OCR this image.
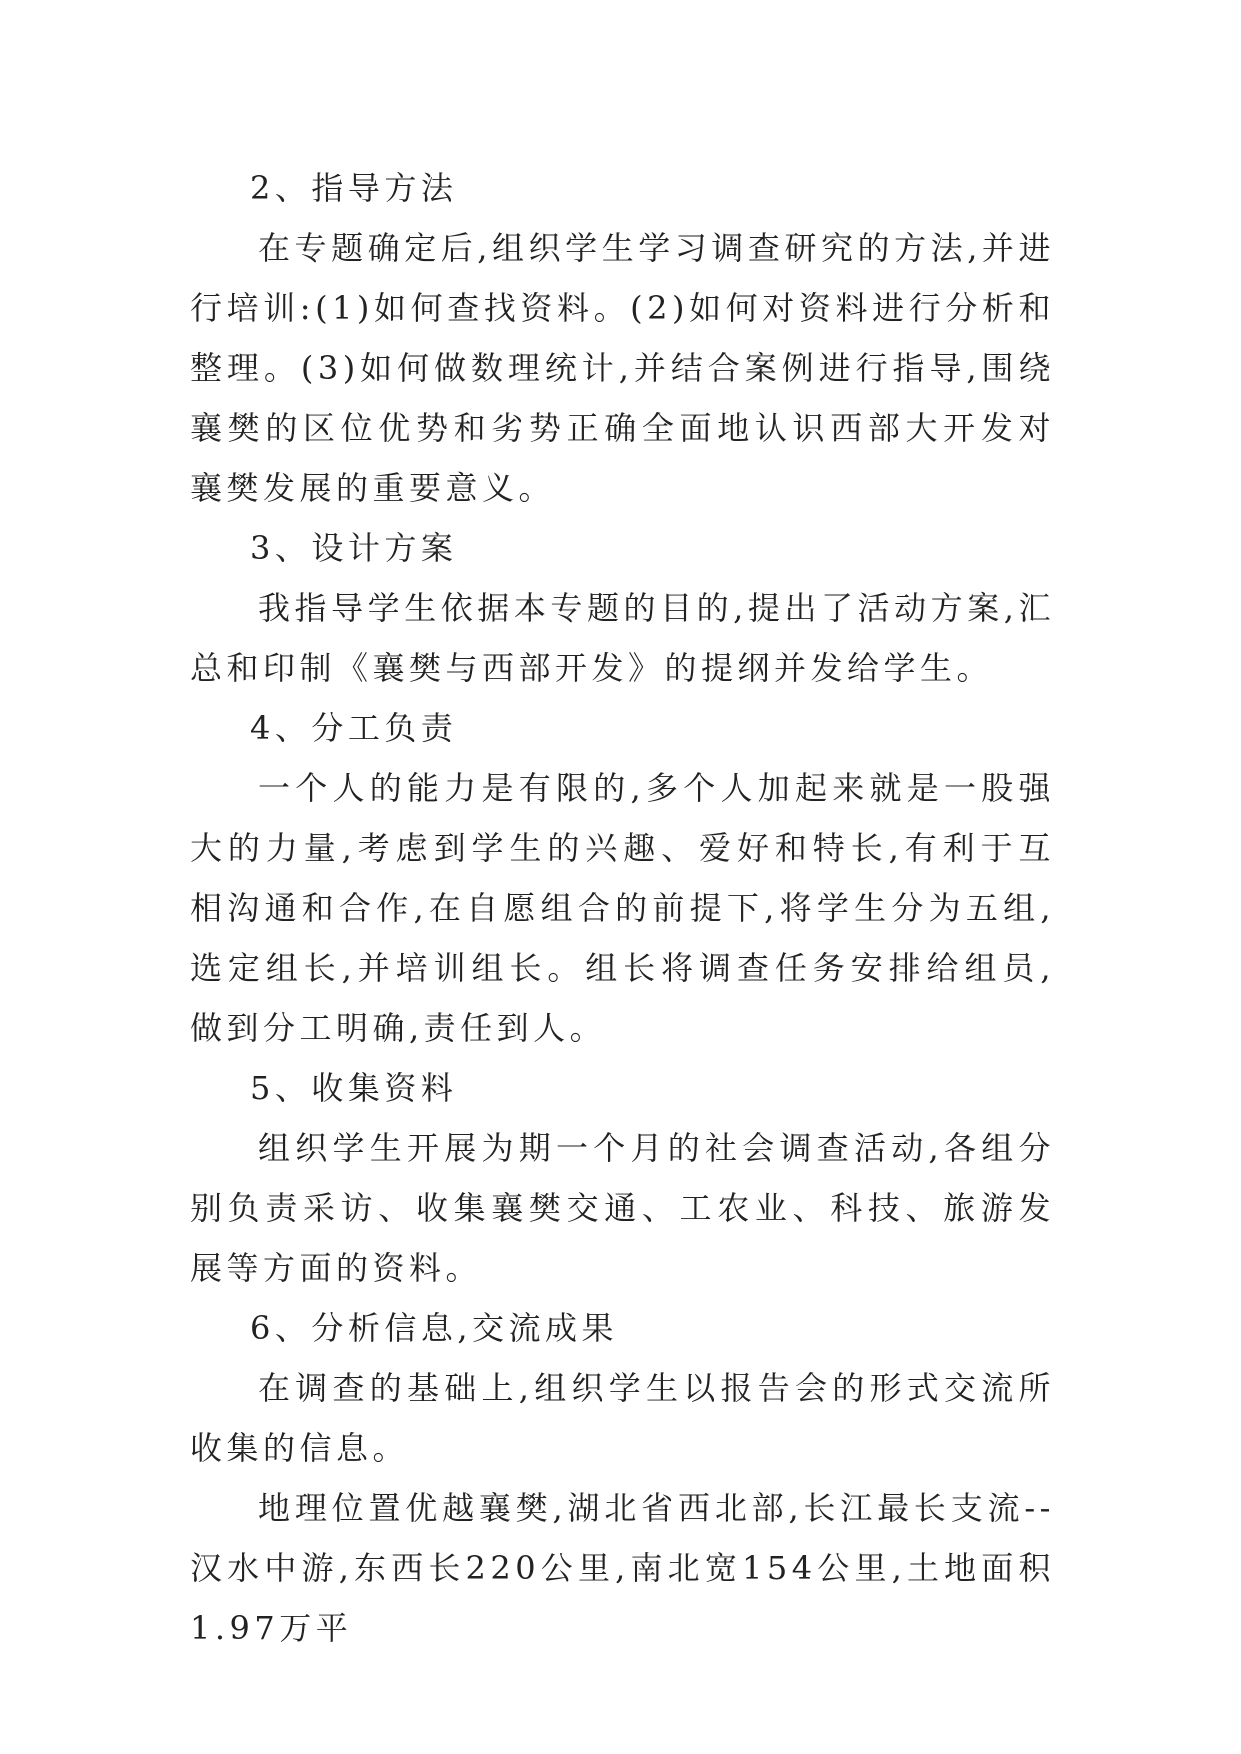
2、指导方法

在专题确定后,组织学生学习调查研究的方法,并进行培训:(1)如何查找资料。(2)如何对资料进行分析和整理。(3)如何做数理统计,并结合案例进行指导,围绕襄樊的区位优势和劣势正确全面地认识西部大开发对襄樊发展的重要意义。

3、设计方案

我指导学生依据本专题的目的,提出了活动方案,汇总和印制《襄樊与西部开发》的提纲并发给学生。

4、分工负责

一个人的能力是有限的,多个人加起来就是一股强大的力量,考虑到学生的兴趣、爱好和特长,有利于互相沟通和合作,在自愿组合的前提下,将学生分为五组,选定组长,并培训组长。组长将调查任务安排给组员,做到分工明确,责任到人。

5、收集资料

组织学生开展为期一个月的社会调查活动,各组分别负责采访、收集襄樊交通、工农业、科技、旅游发展等方面的资料。

6、分析信息,交流成果

在调查的基础上,组织学生以报告会的形式交流所收集的信息。

地理位置优越襄樊,湖北省西北部,长江最长支流--汉水中游,东西长220公里,南北宽154公里,土地面积1.97万平
